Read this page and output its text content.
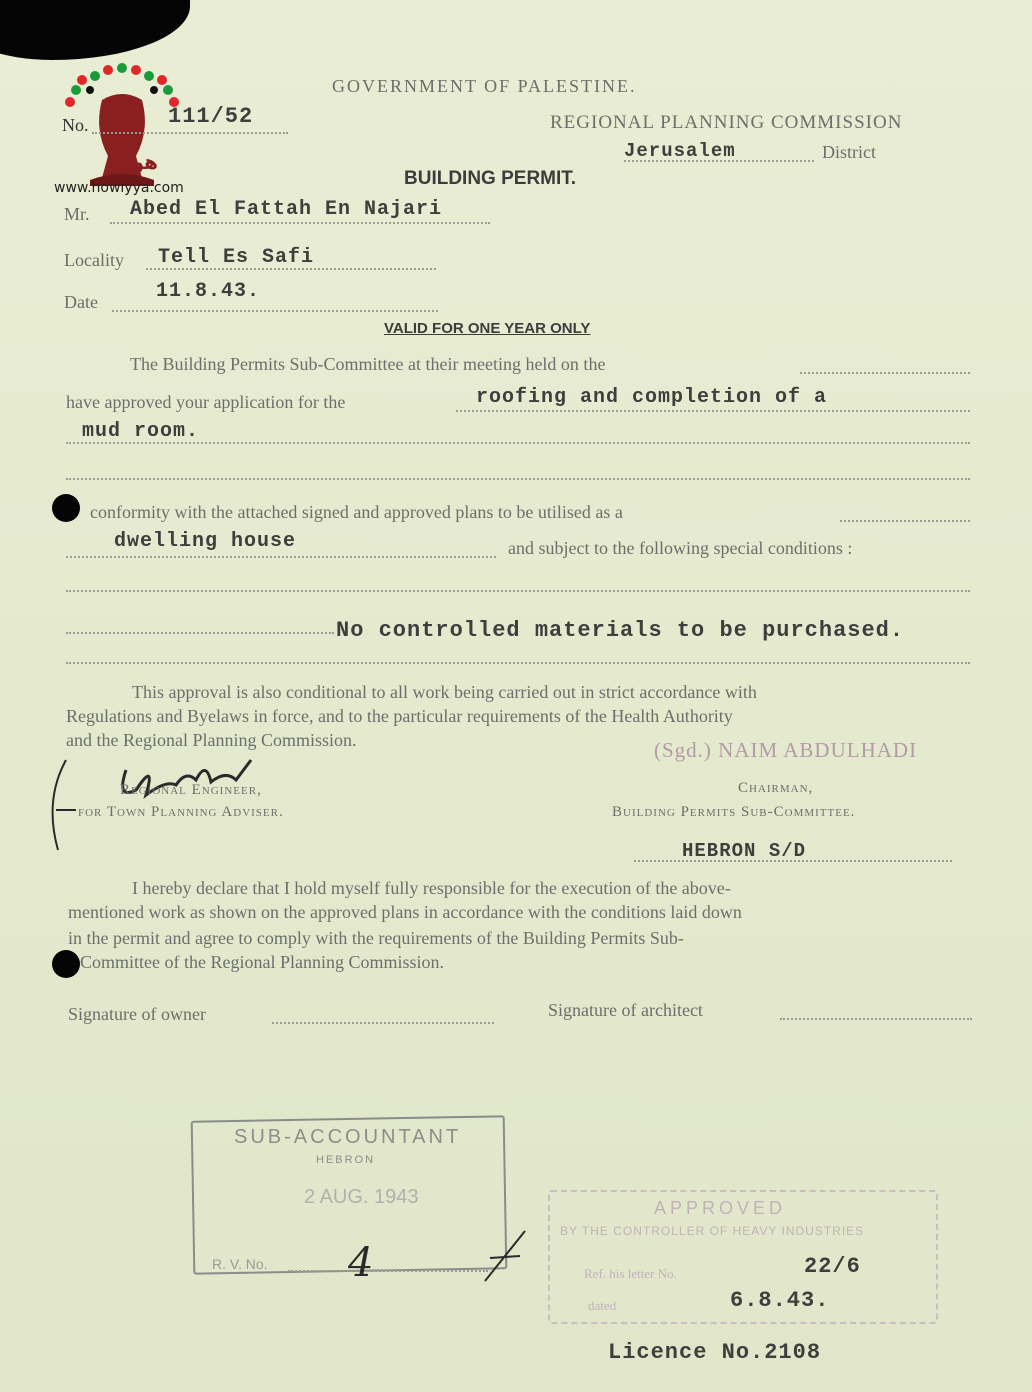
هوية
www.howiyya.com
GOVERNMENT OF PALESTINE.
No.	111/52	REGIONAL PLANNING COMMISSION
Jerusalem	District
BUILDING PERMIT.
Mr. Abed El Fattah En Najari
Locality Tell Es Safi
Date	11.8.43.
VALID FOR ONE YEAR ONLY
The Building Permits Sub-Committee at their meeting held on the
have approved your application for the	roofing and completion of a
mud room.
conformity with the attached signed and approved plans to be utilised as a
dwelling house	and subject to the following special conditions :
No controlled materials to be purchased.
This approval is also conditional to all work being carried out in strict accordance with
Regulations and Byelaws in force, and to the particular requirements of the Health Authority
and the Regional Planning Commission.
Regional Engineer,
for Town Planning Adviser.
(Sgd.) NAIM ABDULHADI
Chairman,
Building Permits Sub-Committee.
HEBRON S/D
I hereby declare that I hold myself fully responsible for the execution of the above-
mentioned work as shown on the approved plans in accordance with the conditions laid down
in the permit and agree to comply with the requirements of the Building Permits Sub-
Committee of the Regional Planning Commission.
Signature of owner	Signature of architect
SUB-ACCOUNTANT
HEBRON
2 AUG. 1943
R. V. No. 4
APPROVED
BY THE CONTROLLER OF HEAVY INDUSTRIES
Ref. his letter No.	22/6
dated	6.8.43.
Licence No.2108
